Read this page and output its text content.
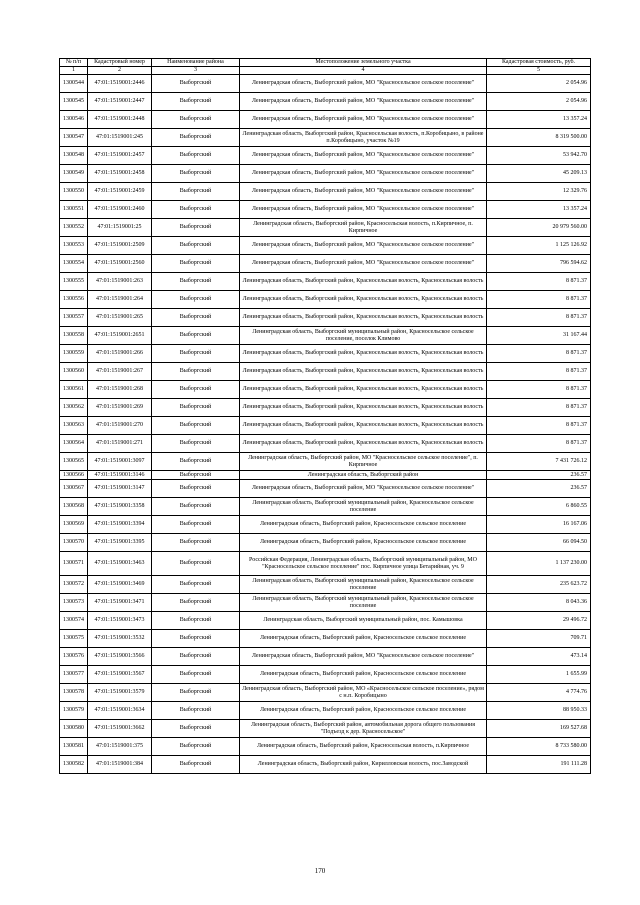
№ п/п	Кадастровый номер	Наименование района	Местоположение земельного участка	Кадастровая стоимость, руб.
1	2	3	4	5
1300544	47:01:1519001:2446	Выборгский	Ленинградская область, Выборгский район, МО "Красносельское сельское поселение"	2 054.96
1300545	47:01:1519001:2447	Выборгский	Ленинградская область, Выборгский район, МО "Красносельское сельское поселение"	2 054.96
1300546	47:01:1519001:2448	Выборгский	Ленинградская область, Выборгский район, МО "Красносельское сельское поселение"	13 357.24
1300547	47:01:1519001:245	Выборгский	Ленинградская область, Выборгский район, Красносельская волость, п.Коробицыно, в районе п.Коробицыно, участок №19	8 319 500.00
1300548	47:01:1519001:2457	Выборгский	Ленинградская область, Выборгский район, МО "Красносельское сельское поселение"	53 942.70
1300549	47:01:1519001:2458	Выборгский	Ленинградская область, Выборгский район, МО "Красносельское сельское поселение"	45 209.13
1300550	47:01:1519001:2459	Выборгский	Ленинградская область, Выборгский район, МО "Красносельское сельское поселение"	12 329.76
1300551	47:01:1519001:2460	Выборгский	Ленинградская область, Выборгский район, МО "Красносельское сельское поселение"	13 357.24
1300552	47:01:1519001:25	Выборгский	Ленинградская область, Выборгский район, Красносельская волость, п.Кирпичное, п. Кирпичное	20 979 560.00
1300553	47:01:1519001:2509	Выборгский	Ленинградская область, Выборгский район, МО "Красносельское сельское поселение"	1 125 126.92
1300554	47:01:1519001:2560	Выборгский	Ленинградская область, Выборгский район, МО "Красносельское сельское поселение"	796 594.62
1300555	47:01:1519001:263	Выборгский	Ленинградская область, Выборгский район, Красносельская волость, Красносельская волость	8 871.37
1300556	47:01:1519001:264	Выборгский	Ленинградская область, Выборгский район, Красносельская волость, Красносельская волость	8 871.37
1300557	47:01:1519001:265	Выборгский	Ленинградская область, Выборгский район, Красносельская волость, Красносельская волость	8 871.37
1300558	47:01:1519001:2651	Выборгский	Ленинградская область, Выборгский муниципальный район, Красносельское сельское поселение, поселок Климово	31 167.44
1300559	47:01:1519001:266	Выборгский	Ленинградская область, Выборгский район, Красносельская волость, Красносельская волость	8 871.37
1300560	47:01:1519001:267	Выборгский	Ленинградская область, Выборгский район, Красносельская волость, Красносельская волость	8 871.37
1300561	47:01:1519001:268	Выборгский	Ленинградская область, Выборгский район, Красносельская волость, Красносельская волость	8 871.37
1300562	47:01:1519001:269	Выборгский	Ленинградская область, Выборгский район, Красносельская волость, Красносельская волость	8 871.37
1300563	47:01:1519001:270	Выборгский	Ленинградская область, Выборгский район, Красносельская волость, Красносельская волость	8 871.37
1300564	47:01:1519001:271	Выборгский	Ленинградская область, Выборгский район, Красносельская волость, Красносельская волость	8 871.37
1300565	47:01:1519001:3097	Выборгский	Ленинградская область, Выборгский район, МО "Красносельское сельское поселение", п. Кирпичное	7 431 726.12
1300566	47:01:1519001:3146	Выборгский	Ленинградская область, Выборгский район	236.57
1300567	47:01:1519001:3147	Выборгский	Ленинградская область, Выборгский район, МО "Красносельское сельское поселение"	236.57
1300568	47:01:1519001:3358	Выборгский	Ленинградская область, Выборгский муниципальный район, Красносельское сельское поселение	6 860.55
1300569	47:01:1519001:3394	Выборгский	Ленинградская область, Выборгский район, Красносельское сельское поселение	16 167.06
1300570	47:01:1519001:3395	Выборгский	Ленинградская область, Выборгский район, Красносельское сельское поселение	66 094.50
1300571	47:01:1519001:3463	Выборгский	Российская Федерация, Ленинградская область, Выборгский муниципальный район, МО "Красносельское сельское поселение" пос. Кирпичное улица Бетарийная, уч. 9	1 137 230.00
1300572	47:01:1519001:3469	Выборгский	Ленинградская область, Выборгский муниципальный район, Красносельское сельское поселение	235 623.72
1300573	47:01:1519001:3471	Выборгский	Ленинградская область, Выборгский муниципальный район, Красносельское сельское поселение	8 043.36
1300574	47:01:1519001:3473	Выборгский	Ленинградская область, Выборгский муниципальный район, пос. Камышовка	29 496.72
1300575	47:01:1519001:3532	Выборгский	Ленинградская область, Выборгский район, Красносельское сельское поселение	709.71
1300576	47:01:1519001:3566	Выборгский	Ленинградская область, Выборгский район, МО "Красносельское сельское поселение"	473.14
1300577	47:01:1519001:3567	Выборгский	Ленинградская область, Выборгский район, Красносельское сельское поселение	1 655.99
1300578	47:01:1519001:3579	Выборгский	Ленинградская область, Выборгский район, МО «Красносельское сельское поселение», рядом с н.п. Коробицыно	4 774.76
1300579	47:01:1519001:3634	Выборгский	Ленинградская область, Выборгский район, Красносельское сельское поселение	88 950.33
1300580	47:01:1519001:3662	Выборгский	Ленинградская область, Выборгский район, автомобильная дорога общего пользования "Подъезд к дер. Красносельское"	169 527.68
1300581	47:01:1519001:375	Выборгский	Ленинградская область, Выборгский район, Красносельская волость, п.Кирпичное	8 733 580.00
1300582	47:01:1519001:384	Выборгский	Ленинградская область, Выборгский район, Кирилловская волость, пос.Заводской	191 111.28
170
